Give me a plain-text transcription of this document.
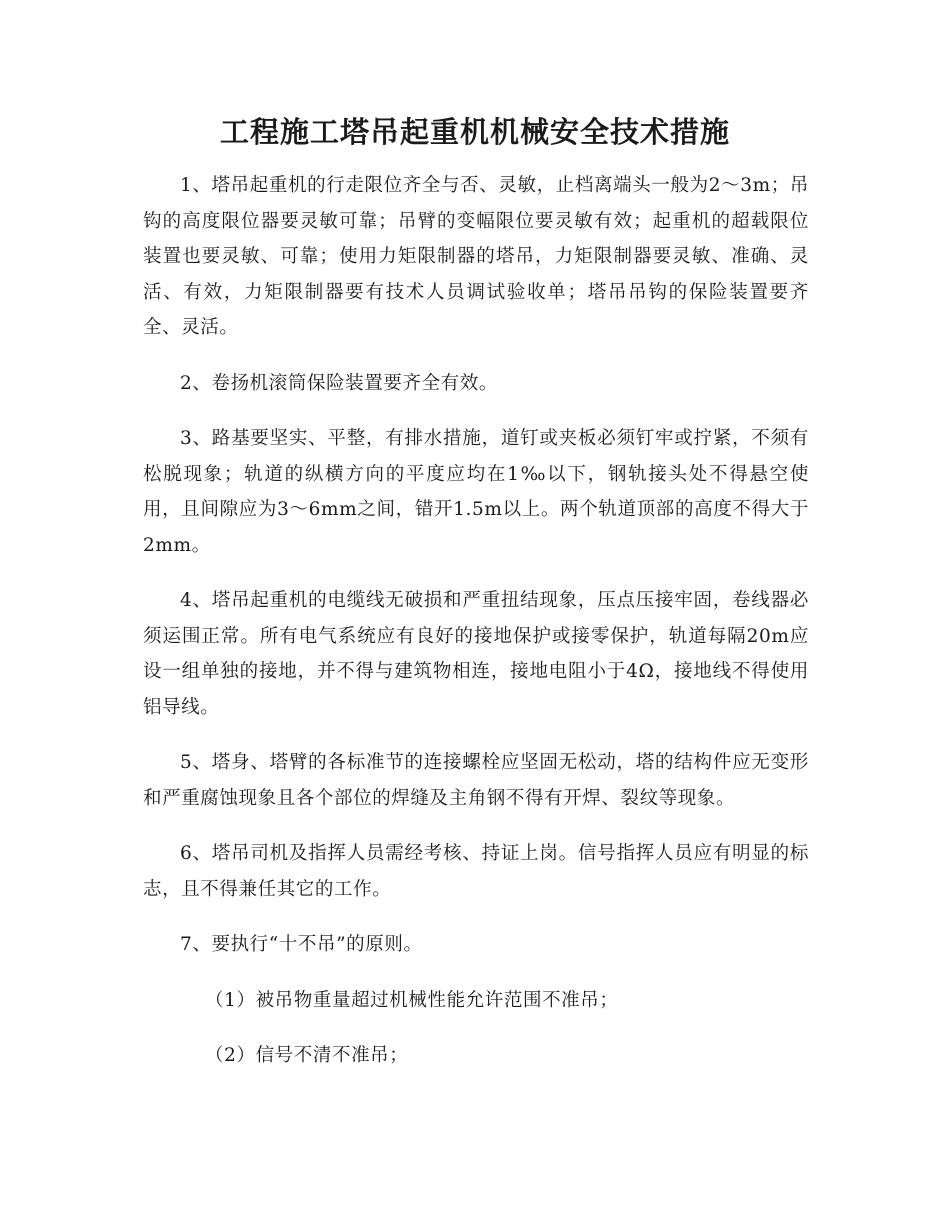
工程施工塔吊起重机机械安全技术措施

1、塔吊起重机的行走限位齐全与否、灵敏，止档离端头一般为2～3m；吊钩的高度限位器要灵敏可靠；吊臂的变幅限位要灵敏有效；起重机的超载限位装置也要灵敏、可靠；使用力矩限制器的塔吊，力矩限制器要灵敏、准确、灵活、有效，力矩限制器要有技术人员调试验收单；塔吊吊钩的保险装置要齐全、灵活。

2、卷扬机滚筒保险装置要齐全有效。

3、路基要坚实、平整，有排水措施，道钉或夹板必须钉牢或拧紧，不须有松脱现象；轨道的纵横方向的平度应均在1‰以下，钢轨接头处不得悬空使用，且间隙应为3～6mm之间，错开1.5m以上。两个轨道顶部的高度不得大于2mm。

4、塔吊起重机的电缆线无破损和严重扭结现象，压点压接牢固，卷线器必须运围正常。所有电气系统应有良好的接地保护或接零保护，轨道每隔20m应设一组单独的接地，并不得与建筑物相连，接地电阻小于4Ω，接地线不得使用铝导线。

5、塔身、塔臂的各标准节的连接螺栓应坚固无松动，塔的结构件应无变形和严重腐蚀现象且各个部位的焊缝及主角钢不得有开焊、裂纹等现象。

6、塔吊司机及指挥人员需经考核、持证上岗。信号指挥人员应有明显的标志，且不得兼任其它的工作。

7、要执行“十不吊”的原则。

（1）被吊物重量超过机械性能允许范围不准吊；

（2）信号不清不准吊；
